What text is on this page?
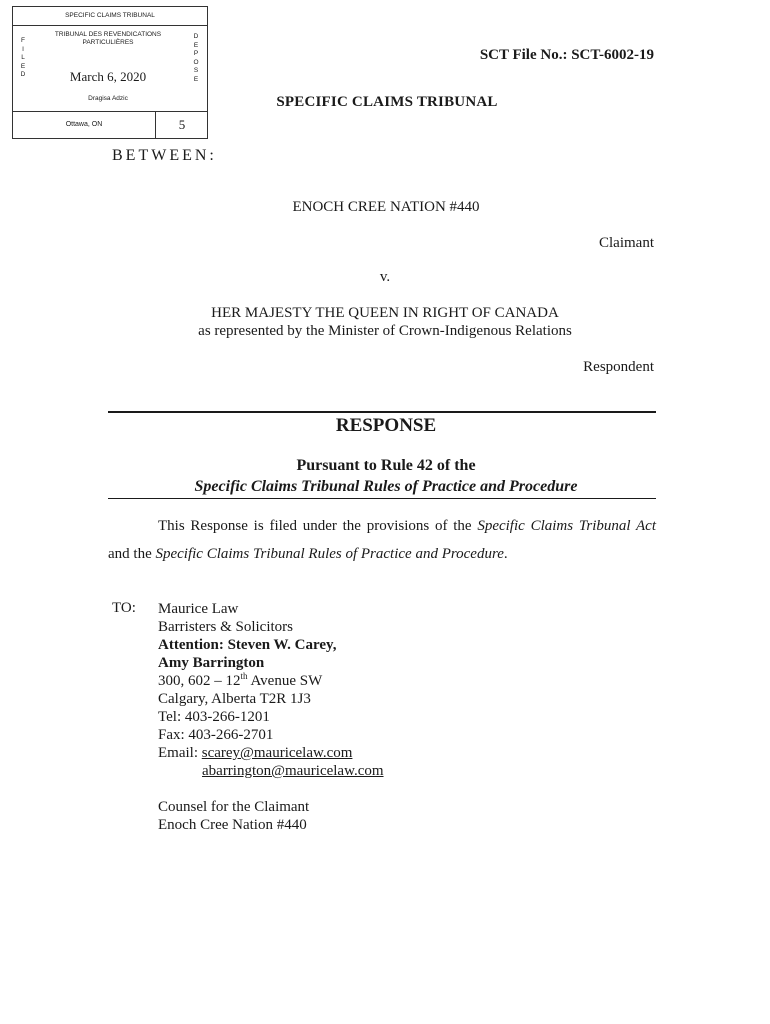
SPECIFIC CLAIMS TRIBUNAL
TRIBUNAL DES REVENDICATIONS PARTICULIÈRES
F
I
L
E
D
D
E
P
O
S
E
March 6, 2020
Dragisa Adzic
Ottawa, ON	5
SCT File No.: SCT-6002-19
SPECIFIC CLAIMS TRIBUNAL
BETWEEN:
ENOCH CREE NATION #440
Claimant
v.
HER MAJESTY THE QUEEN IN RIGHT OF CANADA
as represented by the Minister of Crown-Indigenous Relations
Respondent
RESPONSE
Pursuant to Rule 42 of the
Specific Claims Tribunal Rules of Practice and Procedure
This Response is filed under the provisions of the Specific Claims Tribunal Act
and the Specific Claims Tribunal Rules of Practice and Procedure.
TO: Maurice Law
Barristers & Solicitors
Attention: Steven W. Carey,
Amy Barrington
300, 602 – 12th Avenue SW
Calgary, Alberta T2R 1J3
Tel: 403-266-1201
Fax: 403-266-2701
Email: scarey@mauricelaw.com
abarrington@mauricelaw.com
Counsel for the Claimant
Enoch Cree Nation #440
